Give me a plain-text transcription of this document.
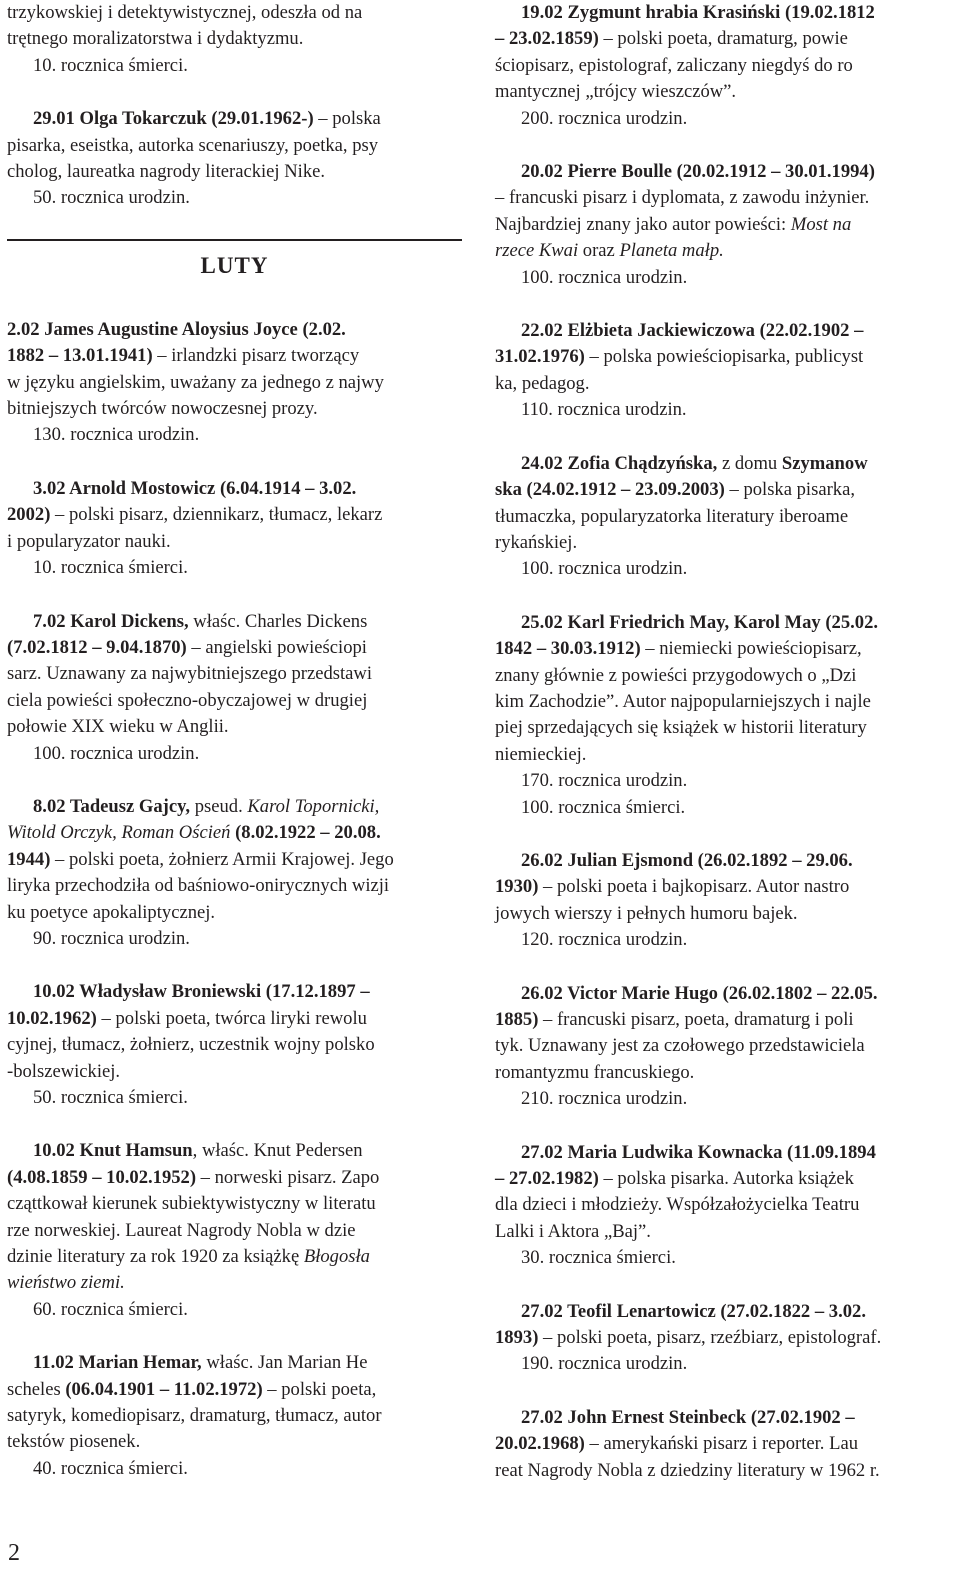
trzykowskiej i detektywistycznej, odeszła od na
trętnego moralizatorstwa i dydaktyzmu.
10. rocznica śmierci.
29.01 Olga Tokarczuk (29.01.1962-) – polska
pisarka, eseistka, autorka scenariuszy, poetka, psy
cholog, laureatka nagrody literackiej Nike.
50. rocznica urodzin.
LUTY
2.02 James Augustine Aloysius Joyce (2.02.
1882 – 13.01.1941) – irlandzki pisarz tworzący
w języku angielskim, uważany za jednego z najwy
bitniejszych twórców nowoczesnej prozy.
130. rocznica urodzin.
3.02 Arnold Mostowicz (6.04.1914 – 3.02.
2002) – polski pisarz, dziennikarz, tłumacz, lekarz
i popularyzator nauki.
10. rocznica śmierci.
7.02 Karol Dickens, właśc. Charles Dickens
(7.02.1812 – 9.04.1870) – angielski powieściopi
sarz. Uznawany za najwybitniejszego przedstawi
ciela powieści społeczno-obyczajowej w drugiej
połowie XIX wieku w Anglii.
100. rocznica urodzin.
8.02 Tadeusz Gajcy, pseud. Karol Topornicki,
Witold Orczyk, Roman Oścień (8.02.1922 – 20.08.
1944) – polski poeta, żołnierz Armii Krajowej. Jego
liryka przechodziła od baśniowo-onirycznych wizji
ku poetyce apokaliptycznej.
90. rocznica urodzin.
10.02 Władysław Broniewski (17.12.1897 –
10.02.1962) – polski poeta, twórca liryki rewolu
cyjnej, tłumacz, żołnierz, uczestnik wojny polsko
-bolszewickiej.
50. rocznica śmierci.
10.02 Knut Hamsun, właśc. Knut Pedersen
(4.08.1859 – 10.02.1952) – norweski pisarz. Zapo
cząttkował kierunek subiektywistyczny w literatu
rze norweskiej. Laureat Nagrody Nobla w dzie
dzinie literatury za rok 1920 za książkę Błogosła
wieństwo ziemi.
60. rocznica śmierci.
11.02 Marian Hemar, właśc. Jan Marian He
scheles (06.04.1901 – 11.02.1972) – polski poeta,
satyryk, komediopisarz, dramaturg, tłumacz, autor
tekstów piosenek.
40. rocznica śmierci.
19.02 Zygmunt hrabia Krasiński (19.02.1812
– 23.02.1859) – polski poeta, dramaturg, powie
ściopisarz, epistolograf, zaliczany niegdyś do ro
mantycznej „trójcy wieszczów”.
200. rocznica urodzin.
20.02 Pierre Boulle (20.02.1912 – 30.01.1994)
– francuski pisarz i dyplomata, z zawodu inżynier.
Najbardziej znany jako autor powieści: Most na
rzece Kwai oraz Planeta małp.
100. rocznica urodzin.
22.02 Elżbieta Jackiewiczowa (22.02.1902 –
31.02.1976) – polska powieściopisarka, publicyst
ka, pedagog.
110. rocznica urodzin.
24.02 Zofia Chądzyńska, z domu Szymanow
ska (24.02.1912 – 23.09.2003) – polska pisarka,
tłumaczka, popularyzatorka literatury iberoame
rykańskiej.
100. rocznica urodzin.
25.02 Karl Friedrich May, Karol May (25.02.
1842 – 30.03.1912) – niemiecki powieściopisarz,
znany głównie z powieści przygodowych o „Dzi
kim Zachodzie”. Autor najpopularniejszych i najle
piej sprzedających się książek w historii literatury
niemieckiej.
170. rocznica urodzin.
100. rocznica śmierci.
26.02 Julian Ejsmond (26.02.1892 – 29.06.
1930) – polski poeta i bajkopisarz. Autor nastro
jowych wierszy i pełnych humoru bajek.
120. rocznica urodzin.
26.02 Victor Marie Hugo (26.02.1802 – 22.05.
1885) – francuski pisarz, poeta, dramaturg i poli
tyk. Uznawany jest za czołowego przedstawiciela
romantyzmu francuskiego.
210. rocznica urodzin.
27.02 Maria Ludwika Kownacka (11.09.1894
– 27.02.1982) – polska pisarka. Autorka książek
dla dzieci i młodzieży. Współzałożycielka Teatru
Lalki i Aktora „Baj”.
30. rocznica śmierci.
27.02 Teofil Lenartowicz (27.02.1822 – 3.02.
1893) – polski poeta, pisarz, rzeźbiarz, epistolograf.
190. rocznica urodzin.
27.02 John Ernest Steinbeck (27.02.1902 –
20.02.1968) – amerykański pisarz i reporter. Lau
reat Nagrody Nobla z dziedziny literatury w 1962 r.
2
